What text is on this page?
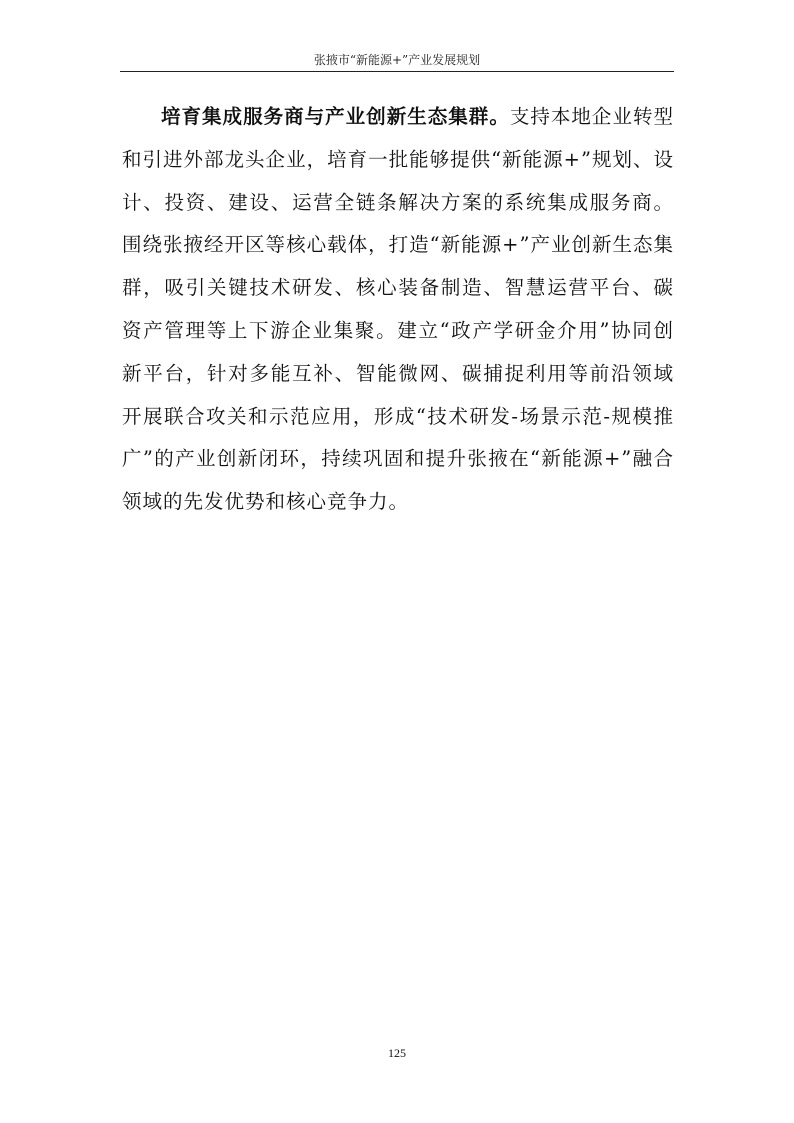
张掖市“新能源+”产业发展规划

培育集成服务商与产业创新生态集群。支持本地企业转型和引进外部龙头企业，培育一批能够提供“新能源+”规划、设计、投资、建设、运营全链条解决方案的系统集成服务商。围绕张掖经开区等核心载体，打造“新能源+”产业创新生态集群，吸引关键技术研发、核心装备制造、智慧运营平台、碳资产管理等上下游企业集聚。建立“政产学研金介用”协同创新平台，针对多能互补、智能微网、碳捕捉利用等前沿领域开展联合攻关和示范应用，形成“技术研发-场景示范-规模推广”的产业创新闭环，持续巩固和提升张掖在“新能源+”融合领域的先发优势和核心竞争力。

125
